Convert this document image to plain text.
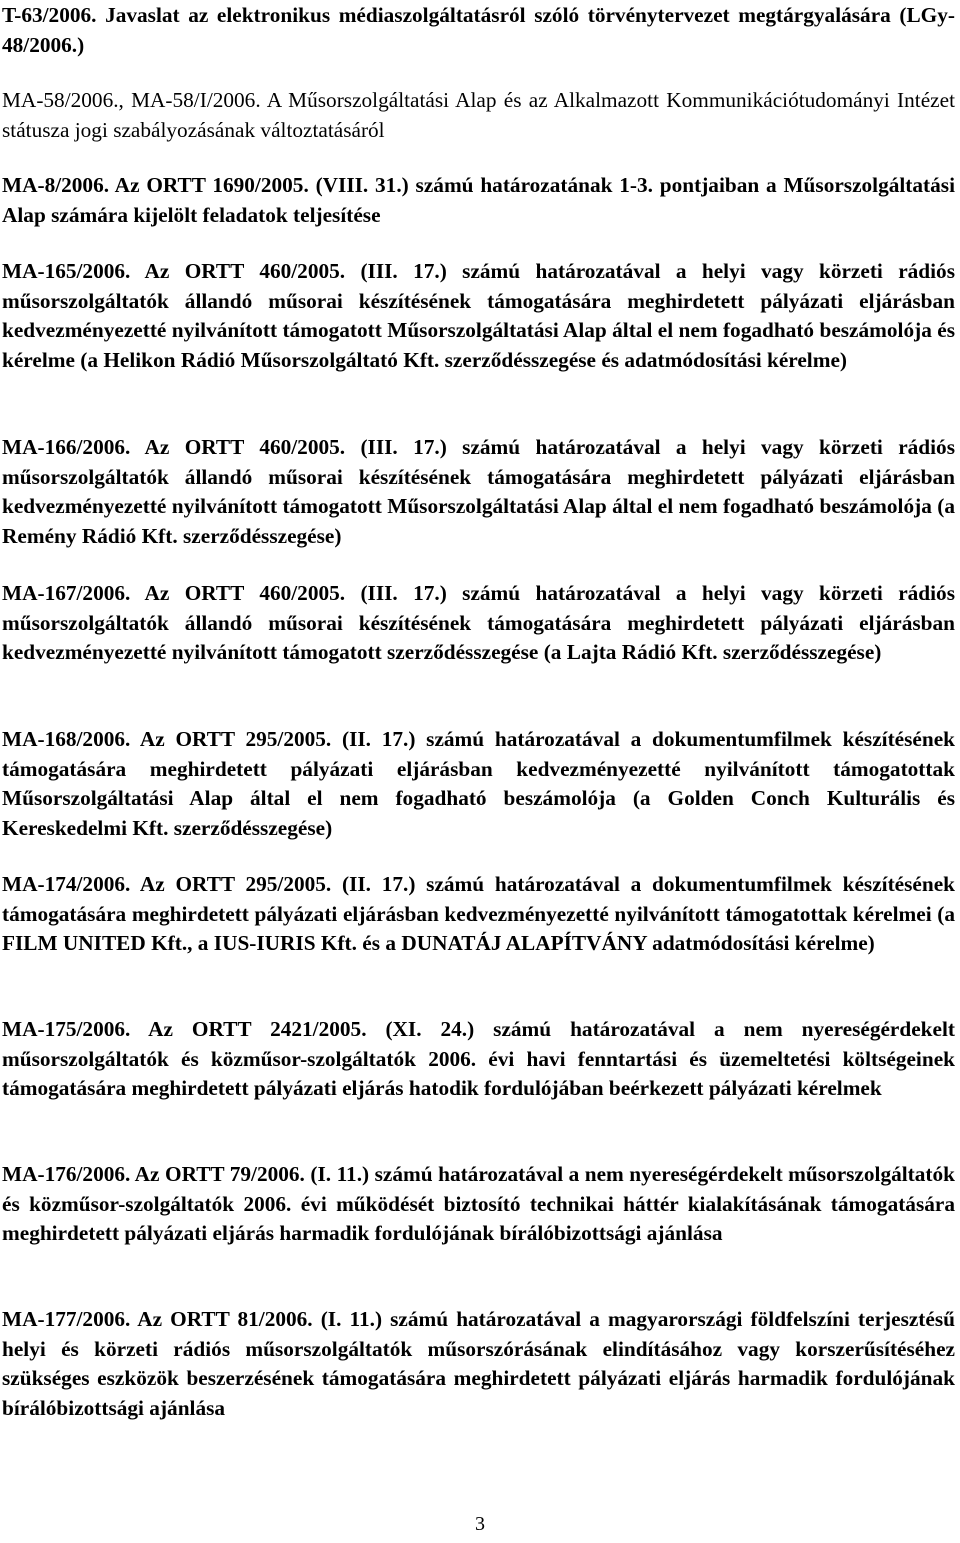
T-63/2006. Javaslat az elektronikus médiaszolgáltatásról szóló törvénytervezet megtárgyalására (LGy-48/2006.)

MA-58/2006., MA-58/I/2006. A Műsorszolgáltatási Alap és az Alkalmazott Kommunikációtudományi Intézet státusza jogi szabályozásának változtatásáról

MA-8/2006. Az ORTT 1690/2005. (VIII. 31.) számú határozatának 1-3. pontjaiban a Műsorszolgáltatási Alap számára kijelölt feladatok teljesítése

MA-165/2006. Az ORTT 460/2005. (III. 17.) számú határozatával a helyi vagy körzeti rádiós műsorszolgáltatók állandó műsorai készítésének támogatására meghirdetett pályázati eljárásban kedvezményezetté nyilvánított támogatott Műsorszolgáltatási Alap által el nem fogadható beszámolója és kérelme (a Helikon Rádió Műsorszolgáltató Kft. szerződésszegése és adatmódosítási kérelme)

MA-166/2006. Az ORTT 460/2005. (III. 17.) számú határozatával a helyi vagy körzeti rádiós műsorszolgáltatók állandó műsorai készítésének támogatására meghirdetett pályázati eljárásban kedvezményezetté nyilvánított támogatott Műsorszolgáltatási Alap által el nem fogadható beszámolója (a Remény Rádió Kft. szerződésszegése)

MA-167/2006. Az ORTT 460/2005. (III. 17.) számú határozatával a helyi vagy körzeti rádiós műsorszolgáltatók állandó műsorai készítésének támogatására meghirdetett pályázati eljárásban kedvezményezetté nyilvánított támogatott szerződésszegése (a Lajta Rádió Kft. szerződésszegése)

MA-168/2006. Az ORTT 295/2005. (II. 17.) számú határozatával a dokumentumfilmek készítésének támogatására meghirdetett pályázati eljárásban kedvezményezetté nyilvánított támogatottak Műsorszolgáltatási Alap által el nem fogadható beszámolója (a Golden Conch Kulturális és Kereskedelmi Kft. szerződésszegése)

MA-174/2006. Az ORTT 295/2005. (II. 17.) számú határozatával a dokumentumfilmek készítésének támogatására meghirdetett pályázati eljárásban kedvezményezetté nyilvánított támogatottak kérelmei (a FILM UNITED Kft., a IUS-IURIS Kft. és a DUNATÁJ ALAPÍTVÁNY adatmódosítási kérelme)

MA-175/2006. Az ORTT 2421/2005. (XI. 24.) számú határozatával a nem nyereségérdekelt műsorszolgáltatók és közműsor-szolgáltatók 2006. évi havi fenntartási és üzemeltetési költségeinek támogatására meghirdetett pályázati eljárás hatodik fordulójában beérkezett pályázati kérelmek

MA-176/2006. Az ORTT 79/2006. (I. 11.) számú határozatával a nem nyereségérdekelt műsorszolgáltatók és közműsor-szolgáltatók 2006. évi működését biztosító technikai háttér kialakításának támogatására meghirdetett pályázati eljárás harmadik fordulójának bírálóbizottsági ajánlása

MA-177/2006. Az ORTT 81/2006. (I. 11.) számú határozatával a magyarországi földfelszíni terjesztésű helyi és körzeti rádiós műsorszolgáltatók műsorszórásának elindításához vagy korszerűsítéséhez szükséges eszközök beszerzésének támogatására meghirdetett pályázati eljárás harmadik fordulójának bírálóbizottsági ajánlása

3
